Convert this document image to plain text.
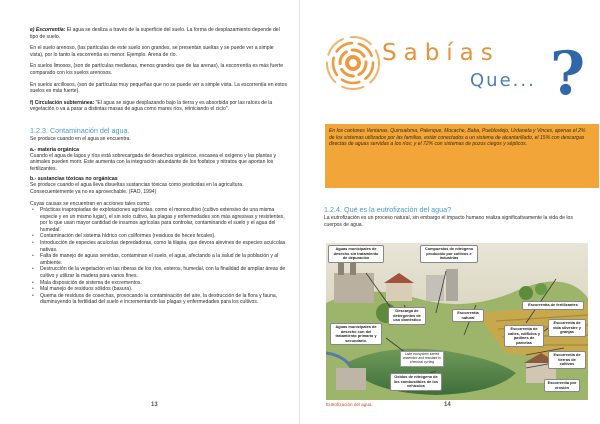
e) Escorrentía: El agua se desliza a través de la superficie del suelo. La forma de desplazamiento depende del tipo de suelo.

En el suelo arenoso, (las partículas de este suelo son grandes, se presentan sueltas y se puede ver a simple vista), por lo tanto la escorrentía es menor. Ejemplo. Arena de río.

En suelos limosos, (son de partículas medianas, menos grandes que de las arenas), la escorrentía es más fuerte comparado con los suelos arenosos.

En suelos arcillosos, (son de partículas muy pequeñas que no se puede ver a simple vista. La escorrentía en estos suelos es más fuerte).

f) Circulación subterránea: "El agua se sigue desplazando bajo la tierra y es absorbida por las raíces de la vegetación o va a parar a distintas masas de agua como mares ríos, reiniciando el ciclo".

1.2.3. Contaminación del agua.

Se produce cuando en el agua se encuentra.

a.- materia orgánica

Cuando el agua de lagos y ríos está sobrecargada de desechos orgánicos, escasea el oxígeno y las plantas y animales pueden morir. Este aumenta con la integración abundante de los fosfatos y nitratos que aportan los fertilizantes.

b.- sustancias tóxicas no orgánicas

Se produce cuando el agua lleva disueltas sustancias tóxicas como pesticidas en la agricultura. Consecuentemente ya no es aprovechable. (FAO, 1994)

Cuyas causas se encuentran en acciones tales como:

• Prácticas inapropiadas de explotaciones agrícolas, como el monocultivo (cultivo extensivo de una misma especie y en un mismo lugar), el sin solo cultivo, las plagas y enfermedades son más agresivas y resistentes, por lo que usan mayor cantidad de insumos agrícolas para controlar, contaminando el suelo y el agua del humedal.
• Contaminación del sistema hídrico con coliformes (residuos de heces fecales).
• Introducción de especies acuícolas depredadoras, como la tilapia, que devora alevines de especies acuícolas nativas.
• Falta de manejo de aguas servidas, contaminan el suelo, el agua, afectando a la salud de la población y al ambiente.
• Destrucción de la vegetación en las riberas de los ríos, esteros, humedal, con la finalidad de ampliar áreas de cultivo y utilizar la madera para varios fines.
• Mala disposición de sistema de excrementos.
• Mal manejo de residuos sólidos (basura).
• Quema de residuos de cosechas, provocando la contaminación del aire, la destrucción de la flora y fauna, disminuyendo la fertilidad del suelo e incrementando las plagas y enfermedades para los cultivos.
13
Sabías
Que... ?

En los cantones Ventanas, Quinsaloma, Palenque, Mocache, Baba, Pueblovlejo, Urdaneta y Vinces, apenas el 2% de los sistemas utilizados por las familias, están conectados a un sistema de alcantarillado, el 15% con descargas directas de aguas servidas a los ríos; y el 72% con sistemas de pozos ciegos y sépticos.

1.2.4. Qué es la eutrofización del agua?

La eutrofización es un proceso natural, sin embargo el impacto humano realiza significativamente la vida de los cuerpos de agua.

Aguas municipales de desecho sin tratamiento de depuración
Compuestos de nitrógeno producido por cultivos e industrias
Descarga de detergentes de uso doméstico
Escorrentía natural
Escorrentía de fertilizantes
Aguas municipales de desecho con del tratamiento primario y secundario.
Lake ecosystem turned anaerobic and resistant to chemical cycling
Escorrentía de calles, edificios y jardines de parcelas
Escorrentía de vida silvestre y granjas
Escorrentía de tierras de cultivos
Oxidos de nitrógeno de los combustibles de los vehículos
Escorrentía por erosión
Eutrofización del agua.	14
